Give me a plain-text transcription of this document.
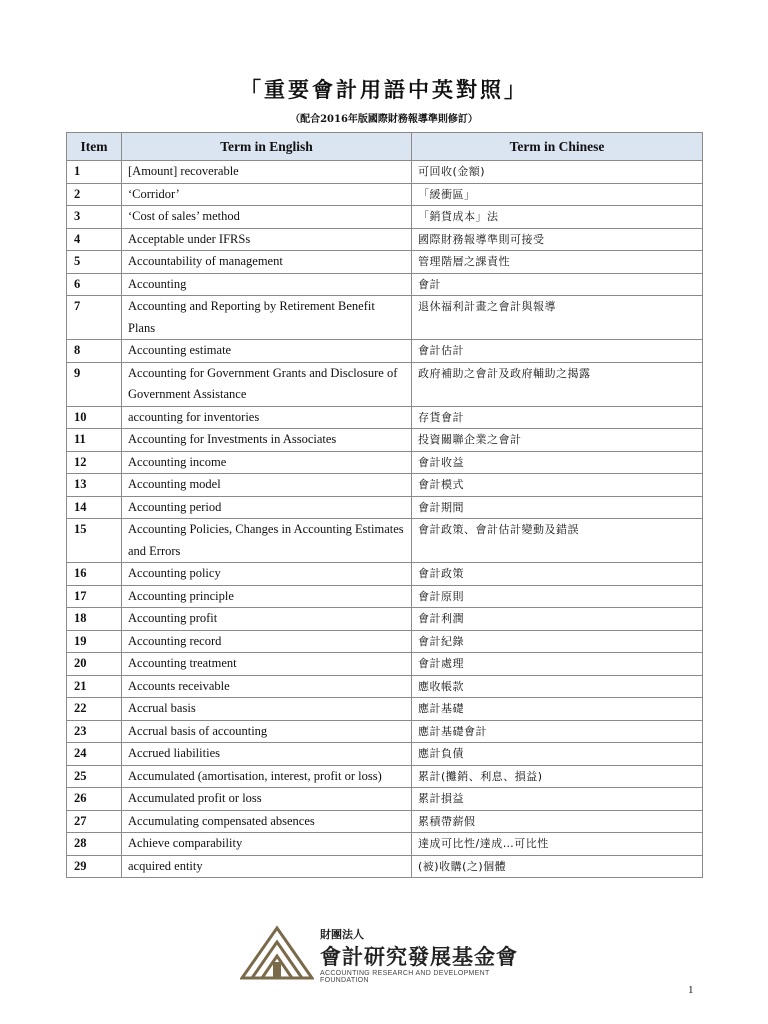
「重要會計用語中英對照」
（配合2016年版國際財務報導準則修訂）
Item	Term in English	Term in Chinese
1	[Amount] recoverable	可回收(金額)
2	‘Corridor’	「緩衝區」
3	‘Cost of sales’ method	「銷貨成本」法
4	Acceptable under IFRSs	國際財務報導準則可接受
5	Accountability of management	管理階層之課責性
6	Accounting	會計
7	Accounting and Reporting by Retirement Benefit Plans	退休福利計畫之會計與報導
8	Accounting estimate	會計估計
9	Accounting for Government Grants and Disclosure of Government Assistance	政府補助之會計及政府輔助之揭露
10	accounting for inventories	存貨會計
11	Accounting for Investments in Associates	投資關聯企業之會計
12	Accounting income	會計收益
13	Accounting model	會計模式
14	Accounting period	會計期間
15	Accounting Policies, Changes in Accounting Estimates and Errors	會計政策、會計估計變動及錯誤
16	Accounting policy	會計政策
17	Accounting principle	會計原則
18	Accounting profit	會計利潤
19	Accounting record	會計紀錄
20	Accounting treatment	會計處理
21	Accounts receivable	應收帳款
22	Accrual basis	應計基礎
23	Accrual basis of accounting	應計基礎會計
24	Accrued liabilities	應計負債
25	Accumulated (amortisation, interest, profit or loss)	累計(攤銷、利息、損益)
26	Accumulated profit or loss	累計損益
27	Accumulating compensated absences	累積帶薪假
28	Achieve comparability	達成可比性/達成…可比性
29	acquired entity	(被)收購(之)個體
財團法人
會計研究發展基金會
ACCOUNTING RESEARCH AND DEVELOPMENT FOUNDATION
1
